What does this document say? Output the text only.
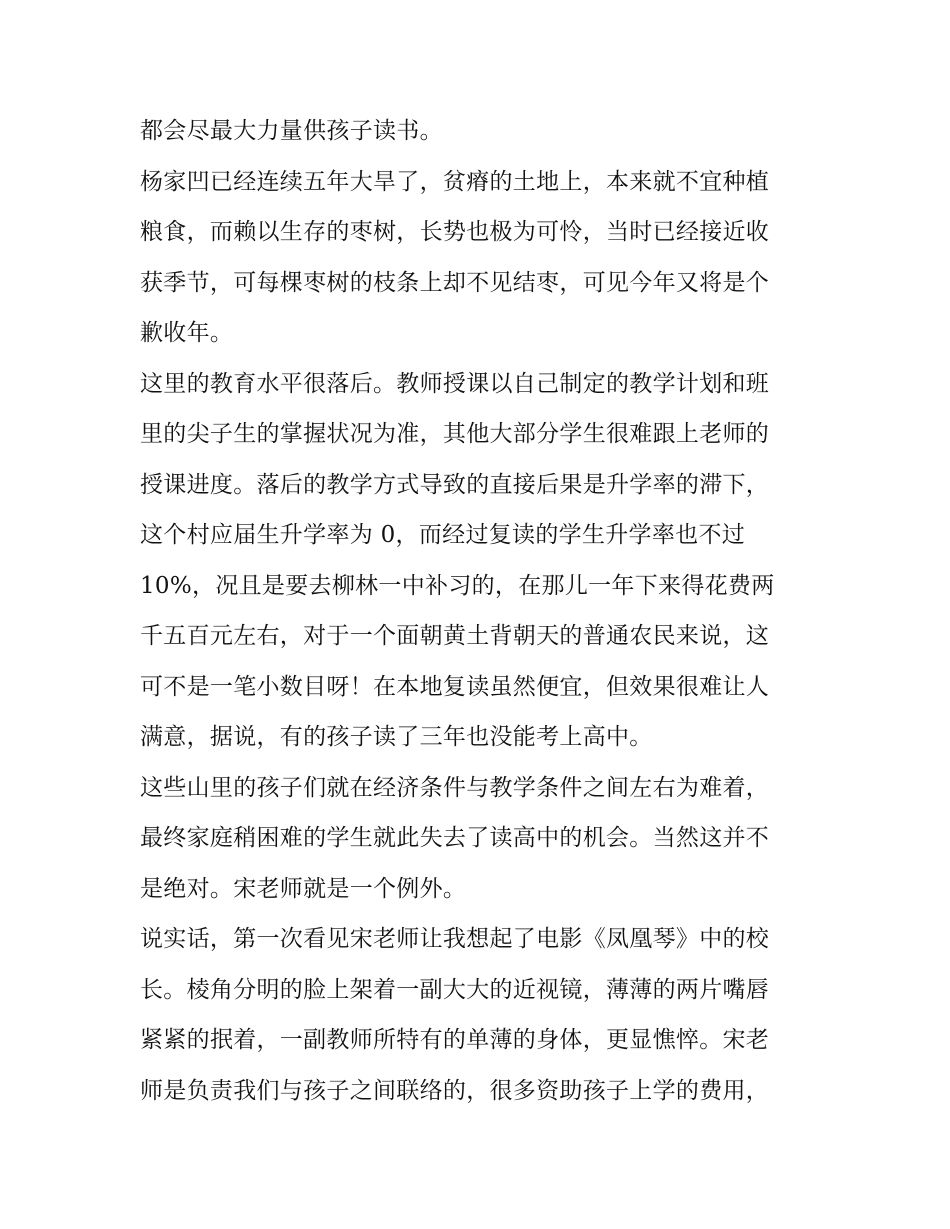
都会尽最大力量供孩子读书。

杨家凹已经连续五年大旱了，贫瘠的土地上，本来就不宜种植
粮食，而赖以生存的枣树，长势也极为可怜，当时已经接近收
获季节，可每棵枣树的枝条上却不见结枣，可见今年又将是个
歉收年。

这里的教育水平很落后。教师授课以自己制定的教学计划和班
里的尖子生的掌握状况为准，其他大部分学生很难跟上老师的
授课进度。落后的教学方式导致的直接后果是升学率的滞下，
这个村应届生升学率为 0，而经过复读的学生升学率也不过
10%，况且是要去柳林一中补习的，在那儿一年下来得花费两
千五百元左右，对于一个面朝黄土背朝天的普通农民来说，这
可不是一笔小数目呀！在本地复读虽然便宜，但效果很难让人
满意，据说，有的孩子读了三年也没能考上高中。

这些山里的孩子们就在经济条件与教学条件之间左右为难着，
最终家庭稍困难的学生就此失去了读高中的机会。当然这并不
是绝对。宋老师就是一个例外。

说实话，第一次看见宋老师让我想起了电影《凤凰琴》中的校
长。棱角分明的脸上架着一副大大的近视镜，薄薄的两片嘴唇
紧紧的抿着，一副教师所特有的单薄的身体，更显憔悴。宋老
师是负责我们与孩子之间联络的，很多资助孩子上学的费用，
